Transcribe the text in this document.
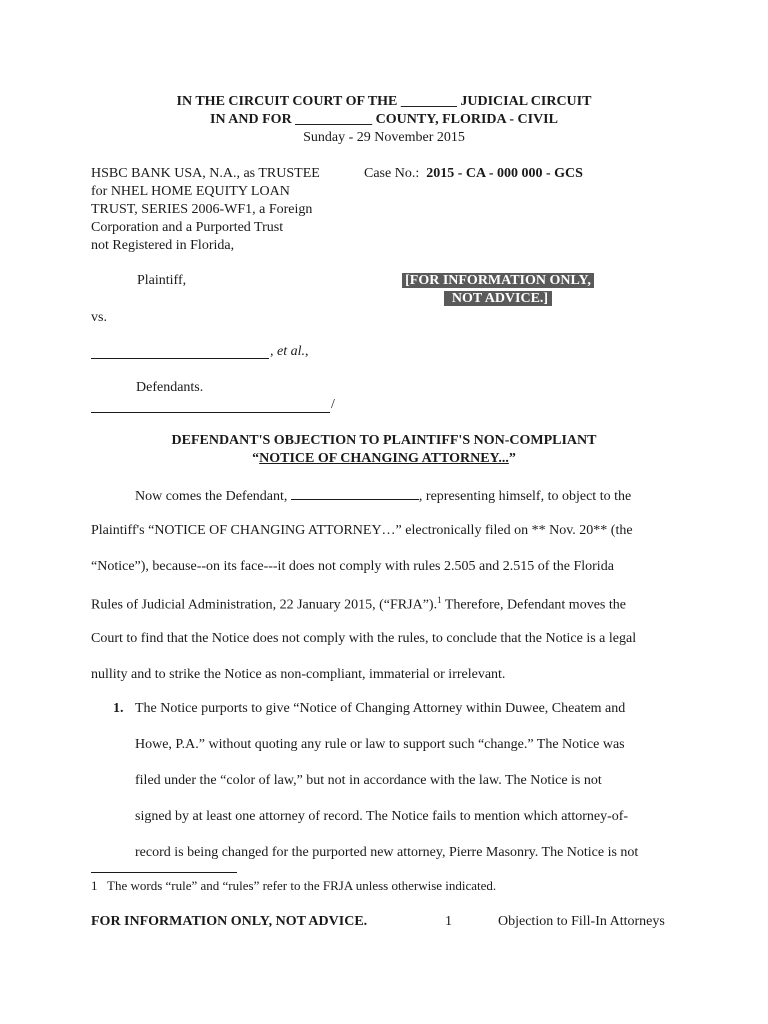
IN THE CIRCUIT COURT OF THE ________ JUDICIAL CIRCUIT
IN AND FOR ___________ COUNTY, FLORIDA - CIVIL
Sunday - 29 November 2015
HSBC BANK USA, N.A., as TRUSTEE
for NHEL HOME EQUITY LOAN
TRUST, SERIES 2006-WF1, a Foreign
Corporation and a Purported Trust
not Registered in Florida,
Case No.: 2015 - CA - 000 000 - GCS
Plaintiff,	[FOR INFORMATION ONLY,
NOT ADVICE.]
vs.
, et al.,
Defendants.
/
DEFENDANT'S OBJECTION TO PLAINTIFF'S NON-COMPLIANT
“NOTICE OF CHANGING ATTORNEY...”
Now comes the Defendant,	, representing himself, to object to the
Plaintiff's “NOTICE OF CHANGING ATTORNEY…” electronically filed on ** Nov. 20** (the
“Notice”), because--on its face---it does not comply with rules 2.505 and 2.515 of the Florida
Rules of Judicial Administration, 22 January 2015, (“FRJA”).$^1$ Therefore, Defendant moves the
Court to find that the Notice does not comply with the rules, to conclude that the Notice is a legal
nullity and to strike the Notice as non-compliant, immaterial or irrelevant.
1. The Notice purports to give “Notice of Changing Attorney within Duwee, Cheatem and
Howe, P.A.” without quoting any rule or law to support such “change.” The Notice was
filed under the “color of law,” but not in accordance with the law. The Notice is not
signed by at least one attorney of record. The Notice fails to mention which attorney-of-
record is being changed for the purported new attorney, Pierre Masonry. The Notice is not
1 The words “rule” and “rules” refer to the FRJA unless otherwise indicated.
FOR INFORMATION ONLY, NOT ADVICE.	1	Objection to Fill-In Attorneys
